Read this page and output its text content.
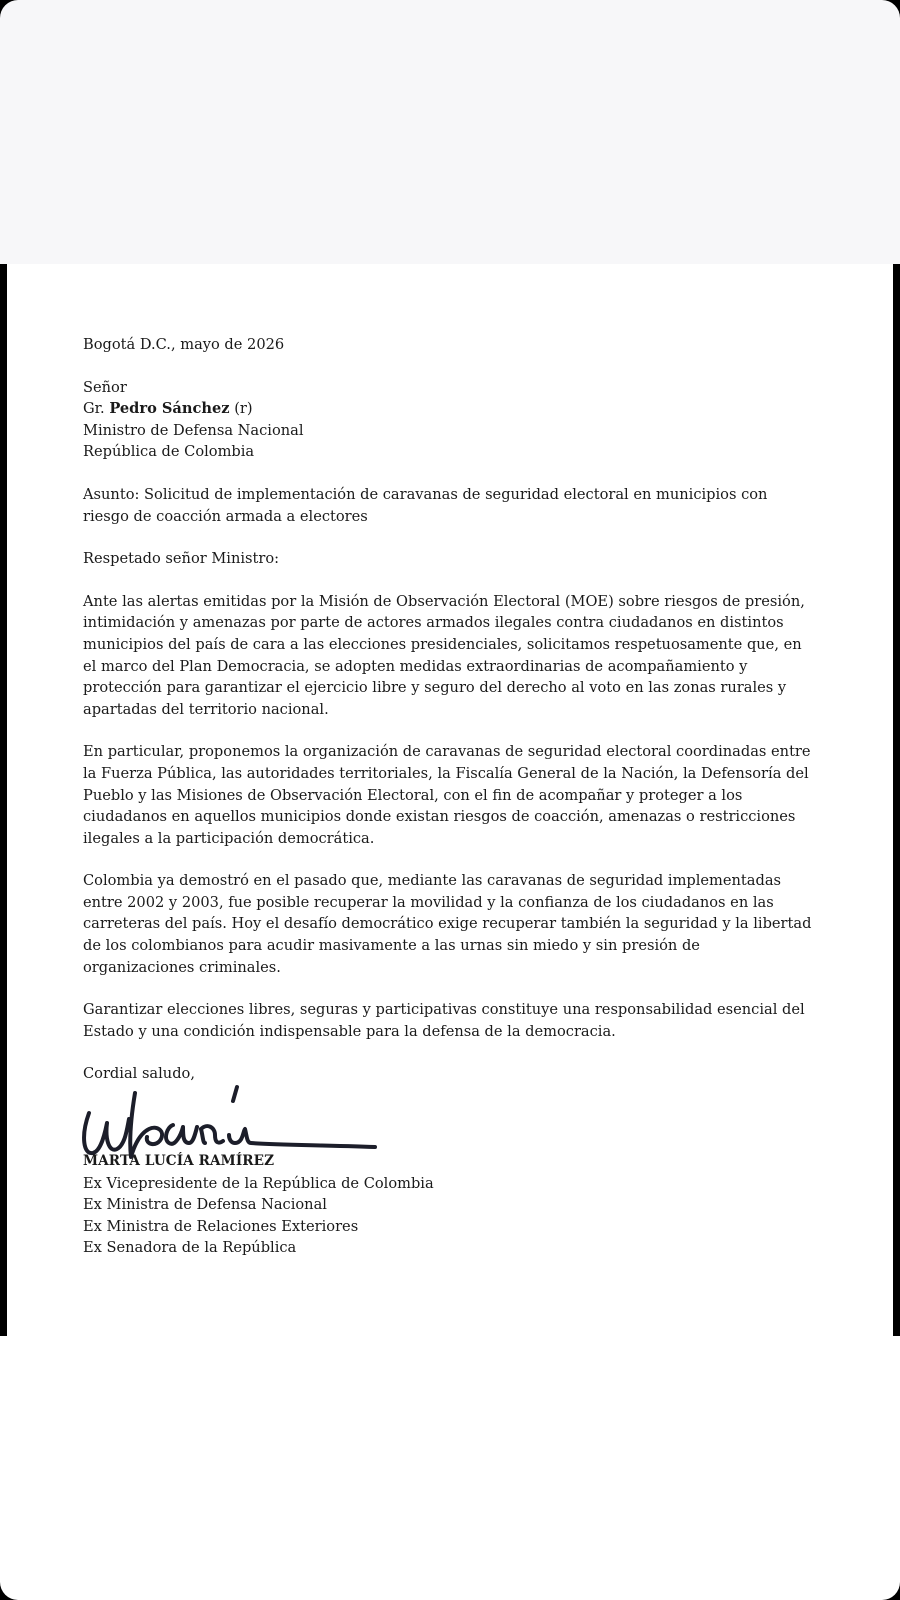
Bogotá D.C., mayo de 2026

Señor

Gr. Pedro Sánchez (r)

Ministro de Defensa Nacional

República de Colombia

Asunto: Solicitud de implementación de caravanas de seguridad electoral en municipios con riesgo de coacción armada a electores

Respetado señor Ministro:

Ante las alertas emitidas por la Misión de Observación Electoral (MOE) sobre riesgos de presión, intimidación y amenazas por parte de actores armados ilegales contra ciudadanos en distintos municipios del país de cara a las elecciones presidenciales, solicitamos respetuosamente que, en el marco del Plan Democracia, se adopten medidas extraordinarias de acompañamiento y protección para garantizar el ejercicio libre y seguro del derecho al voto en las zonas rurales y apartadas del territorio nacional.

En particular, proponemos la organización de caravanas de seguridad electoral coordinadas entre la Fuerza Pública, las autoridades territoriales, la Fiscalía General de la Nación, la Defensoría del Pueblo y las Misiones de Observación Electoral, con el fin de acompañar y proteger a los ciudadanos en aquellos municipios donde existan riesgos de coacción, amenazas o restricciones ilegales a la participación democrática.

Colombia ya demostró en el pasado que, mediante las caravanas de seguridad implementadas entre 2002 y 2003, fue posible recuperar la movilidad y la confianza de los ciudadanos en las carreteras del país. Hoy el desafío democrático exige recuperar también la seguridad y la libertad de los colombianos para acudir masivamente a las urnas sin miedo y sin presión de organizaciones criminales.

Garantizar elecciones libres, seguras y participativas constituye una responsabilidad esencial del Estado y una condición indispensable para la defensa de la democracia.

Cordial saludo,

MARTA LUCÍA RAMÍREZ

Ex Vicepresidente de la República de Colombia

Ex Ministra de Defensa Nacional

Ex Ministra de Relaciones Exteriores

Ex Senadora de la República
